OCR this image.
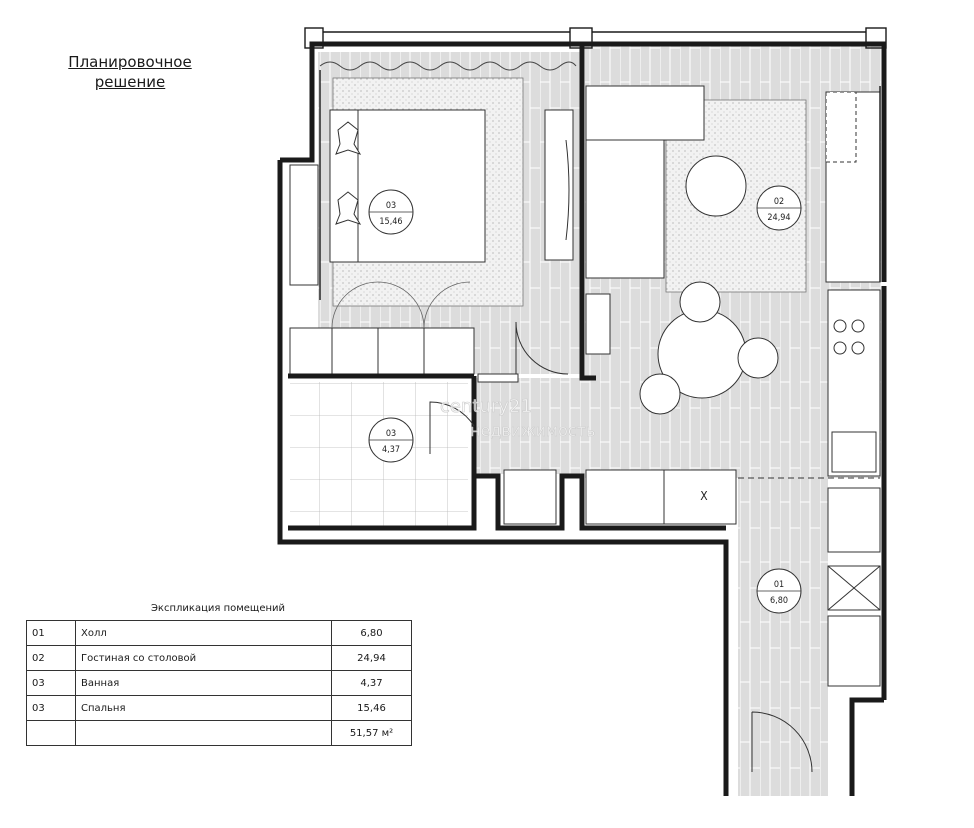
Планировочное
решение
X
03
15,46
02
24,94
03
4,37
01
6,80
century21
недвижимость
Экспликация помещений
01	Холл	6,80
02	Гостиная со столовой	24,94
03	Ванная	4,37
03	Спальня	15,46
		51,57 м²
